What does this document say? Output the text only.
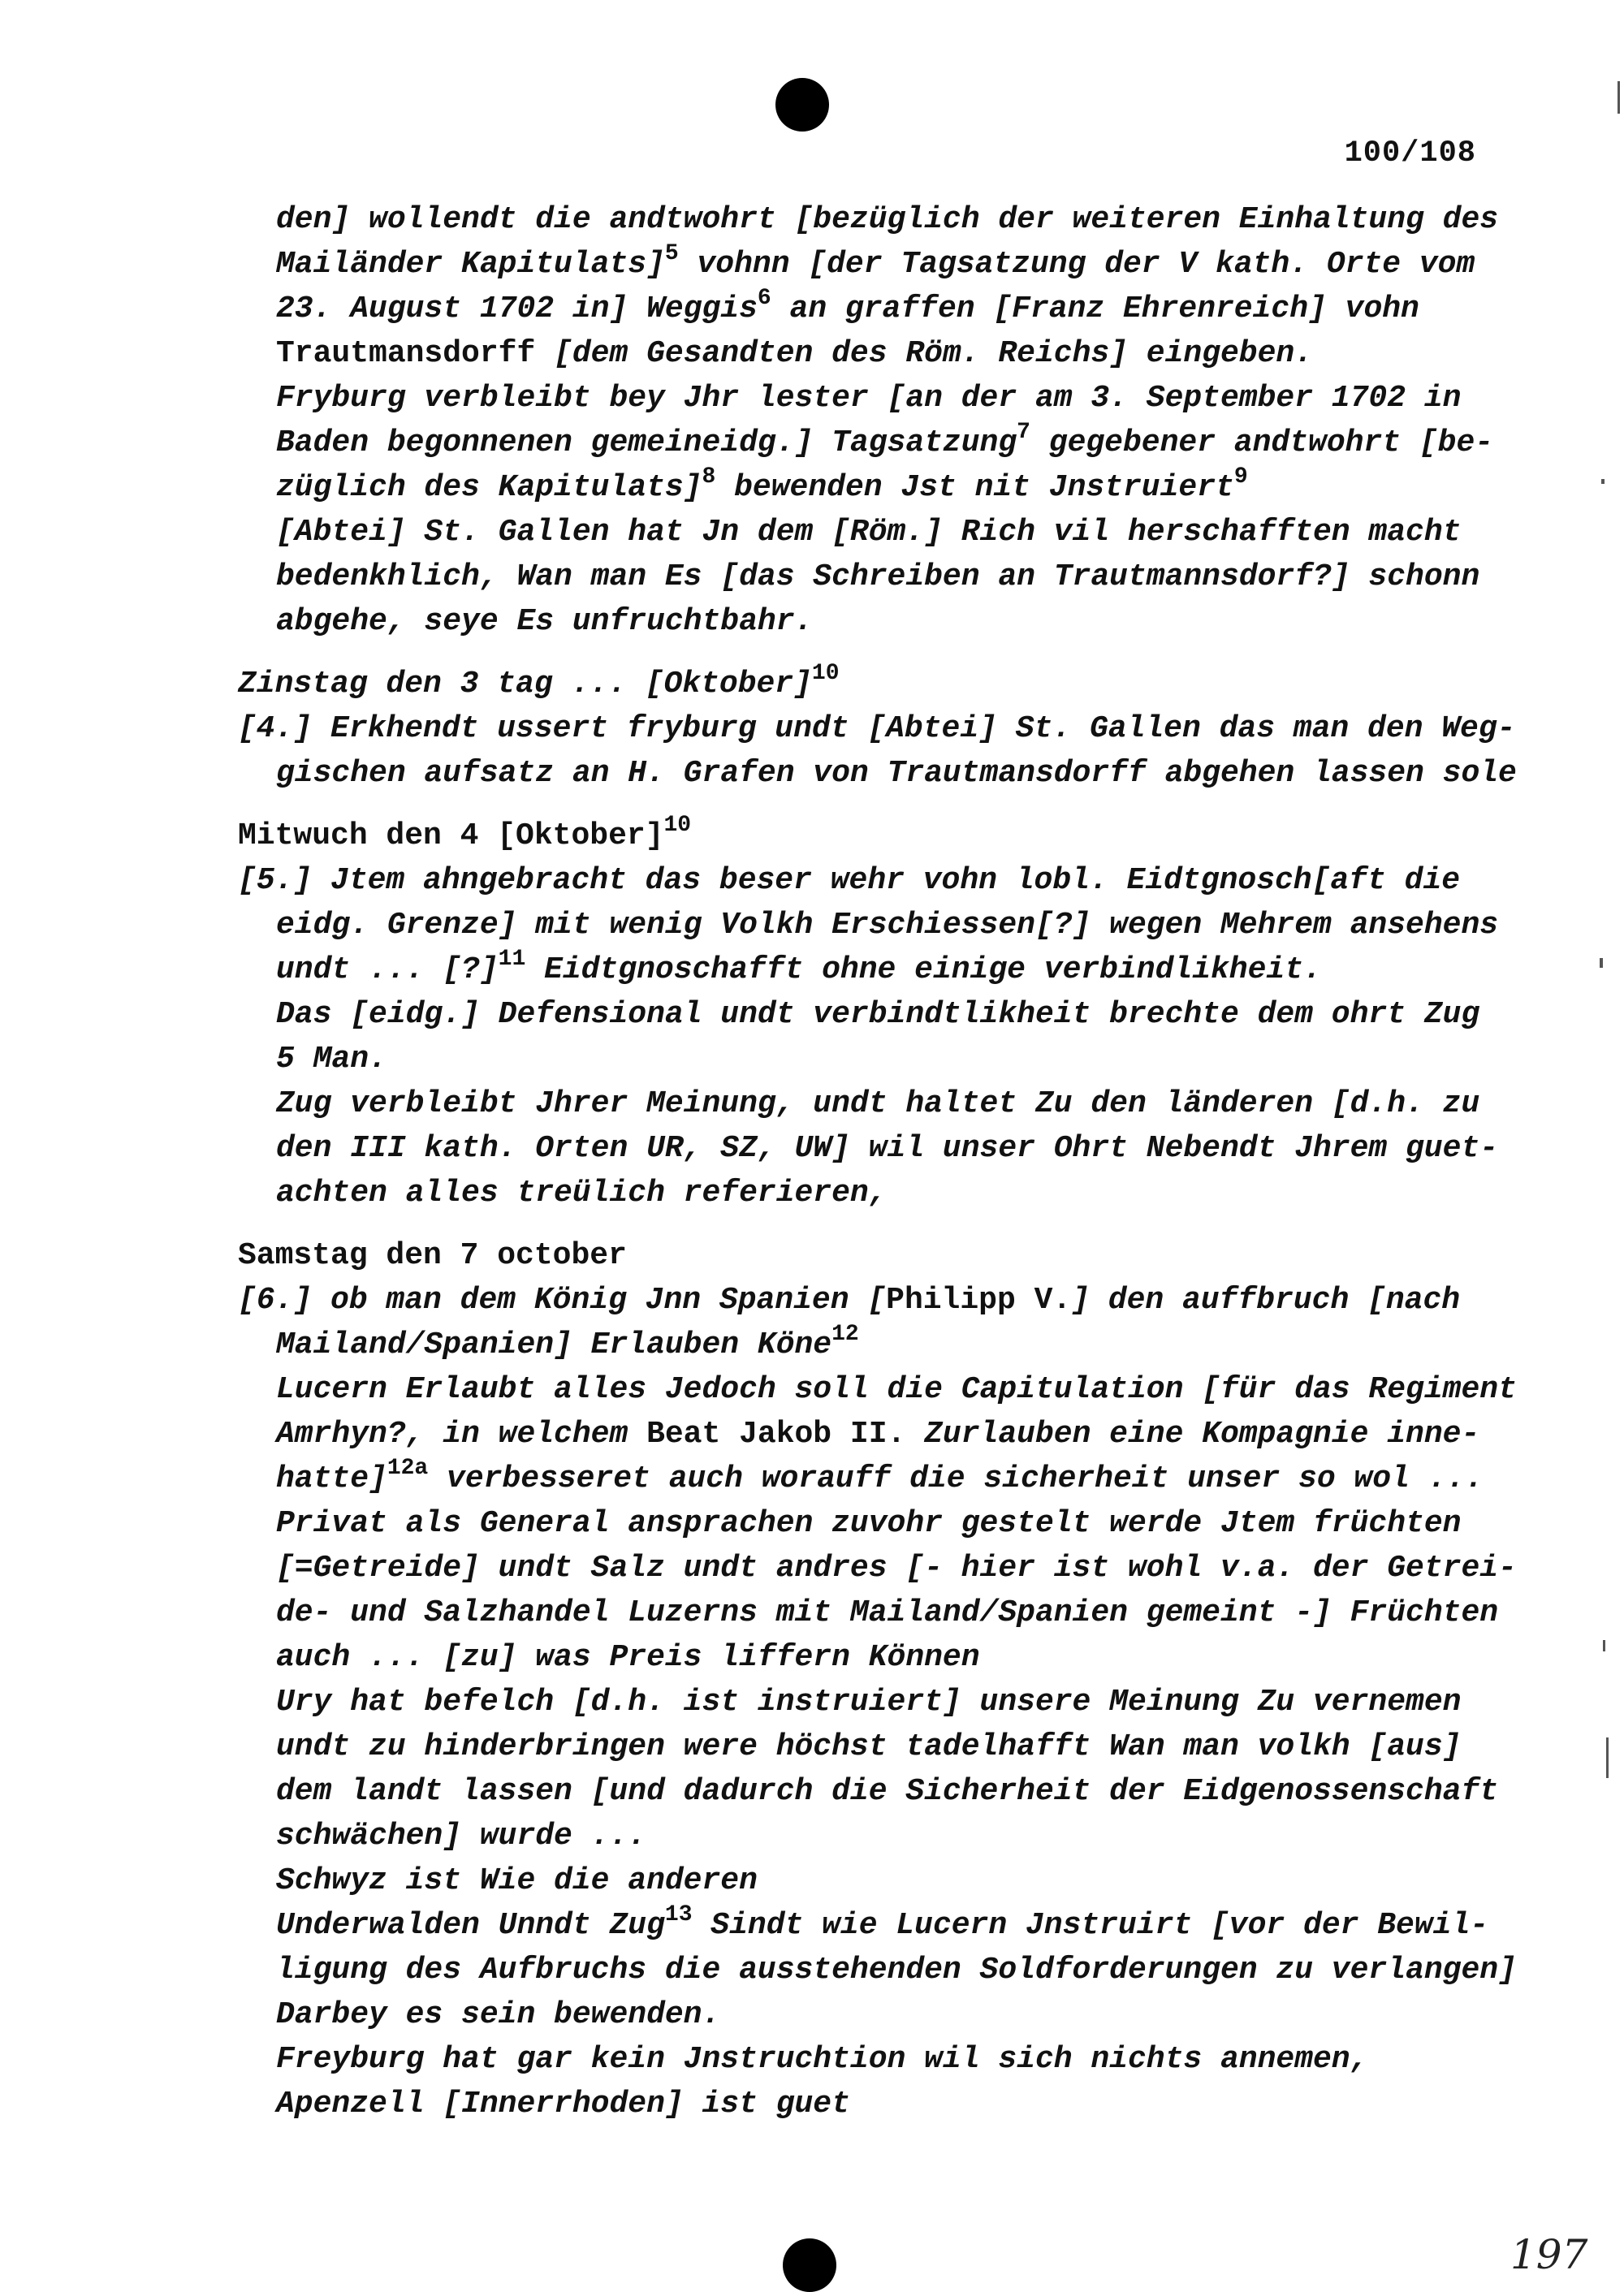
100/108

den] wollendt die andtwohrt [bezüglich der weiteren Einhaltung des

Mailänder Kapitulats]$^5$ vohnn [der Tagsatzung der V kath. Orte vom

23. August 1702 in] Weggis$^6$ an graffen [Franz Ehrenreich] vohn

Trautmansdorff [dem Gesandten des Röm. Reichs] eingeben.

Fryburg verbleibt bey Jhr lester [an der am 3. September 1702 in

Baden begonnenen gemeineidg.] Tagsatzung$^7$ gegebener andtwohrt [be-

züglich des Kapitulats]$^8$ bewenden Jst nit Jnstruiert$^9$

[Abtei] St. Gallen hat Jn dem [Röm.] Rich vil herschafften macht

bedenkhlich, Wan man Es [das Schreiben an Trautmannsdorf?] schonn

abgehe, seye Es unfruchtbahr.

Zinstag den 3 tag ... [Oktober]$^{10}$

[4.] Erkhendt ussert fryburg undt [Abtei] St. Gallen das man den Weg-

gischen aufsatz an H. Grafen von Trautmansdorff abgehen lassen sole

Mitwuch den 4 [Oktober]$^{10}$

[5.] Jtem ahngebracht das beser wehr vohn lobl. Eidtgnosch[aft die

eidg. Grenze] mit wenig Volkh Erschiessen[?] wegen Mehrem ansehens

undt ... [?]$^{11}$ Eidtgnoschafft ohne einige verbindlikheit.

Das [eidg.] Defensional undt verbindtlikheit brechte dem ohrt Zug

5 Man.

Zug verbleibt Jhrer Meinung, undt haltet Zu den länderen [d.h. zu

den III kath. Orten UR, SZ, UW] wil unser Ohrt Nebendt Jhrem guet-

achten alles treülich referieren,

Samstag den 7 october

[6.] ob man dem König Jnn Spanien [Philipp V.] den auffbruch [nach

Mailand/Spanien] Erlauben Köne$^{12}$

Lucern Erlaubt alles Jedoch soll die Capitulation [für das Regiment

Amrhyn?, in welchem Beat Jakob II. Zurlauben eine Kompagnie inne-

hatte]$^{12a}$ verbesseret auch worauff die sicherheit unser so wol ...

Privat als General ansprachen zuvohr gestelt werde Jtem früchten

[=Getreide] undt Salz undt andres [- hier ist wohl v.a. der Getrei-

de- und Salzhandel Luzerns mit Mailand/Spanien gemeint -] Früchten

auch ... [zu] was Preis liffern Können

Ury hat befelch [d.h. ist instruiert] unsere Meinung Zu vernemen

undt zu hinderbringen were höchst tadelhafft Wan man volkh [aus]

dem landt lassen [und dadurch die Sicherheit der Eidgenossenschaft

schwächen] wurde ...

Schwyz ist Wie die anderen

Underwalden Unndt Zug$^{13}$ Sindt wie Lucern Jnstruirt [vor der Bewil-

ligung des Aufbruchs die ausstehenden Soldforderungen zu verlangen]

Darbey es sein bewenden.

Freyburg hat gar kein Jnstruchtion wil sich nichts annemen,

Apenzell [Innerrhoden] ist guet

197
